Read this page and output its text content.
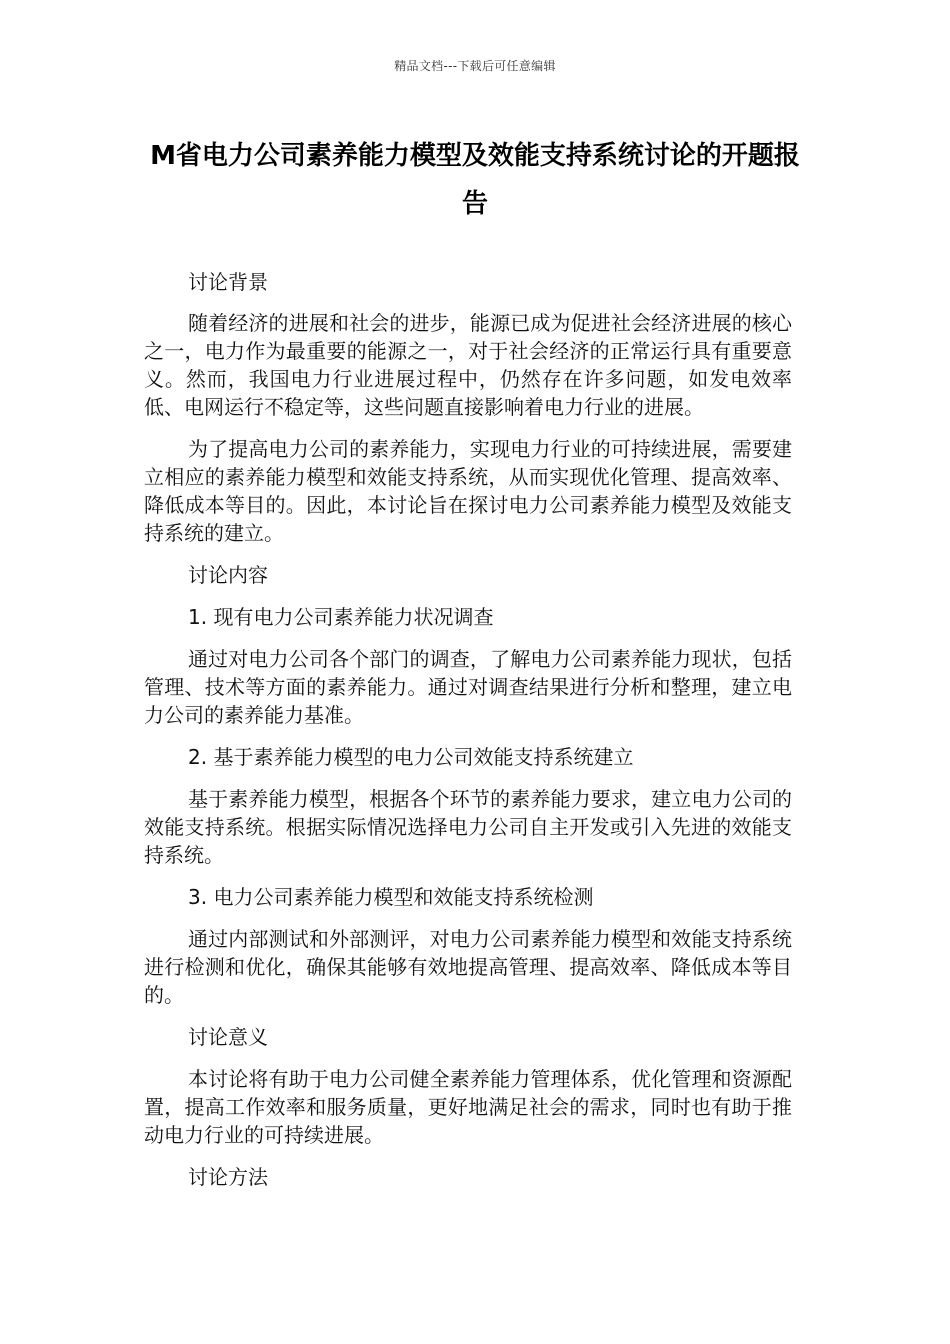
精品文档---下载后可任意编辑
M省电力公司素养能力模型及效能支持系统讨论的开题报告

讨论背景

随着经济的进展和社会的进步，能源已成为促进社会经济进展的核心之一，电力作为最重要的能源之一，对于社会经济的正常运行具有重要意义。然而，我国电力行业进展过程中，仍然存在许多问题，如发电效率低、电网运行不稳定等，这些问题直接影响着电力行业的进展。

为了提高电力公司的素养能力，实现电力行业的可持续进展，需要建立相应的素养能力模型和效能支持系统，从而实现优化管理、提高效率、降低成本等目的。因此，本讨论旨在探讨电力公司素养能力模型及效能支持系统的建立。

讨论内容

1. 现有电力公司素养能力状况调查

通过对电力公司各个部门的调查，了解电力公司素养能力现状，包括管理、技术等方面的素养能力。通过对调查结果进行分析和整理，建立电力公司的素养能力基准。

2. 基于素养能力模型的电力公司效能支持系统建立

基于素养能力模型，根据各个环节的素养能力要求，建立电力公司的效能支持系统。根据实际情况选择电力公司自主开发或引入先进的效能支持系统。

3. 电力公司素养能力模型和效能支持系统检测

通过内部测试和外部测评，对电力公司素养能力模型和效能支持系统进行检测和优化，确保其能够有效地提高管理、提高效率、降低成本等目的。

讨论意义

本讨论将有助于电力公司健全素养能力管理体系，优化管理和资源配置，提高工作效率和服务质量，更好地满足社会的需求，同时也有助于推动电力行业的可持续进展。

讨论方法
